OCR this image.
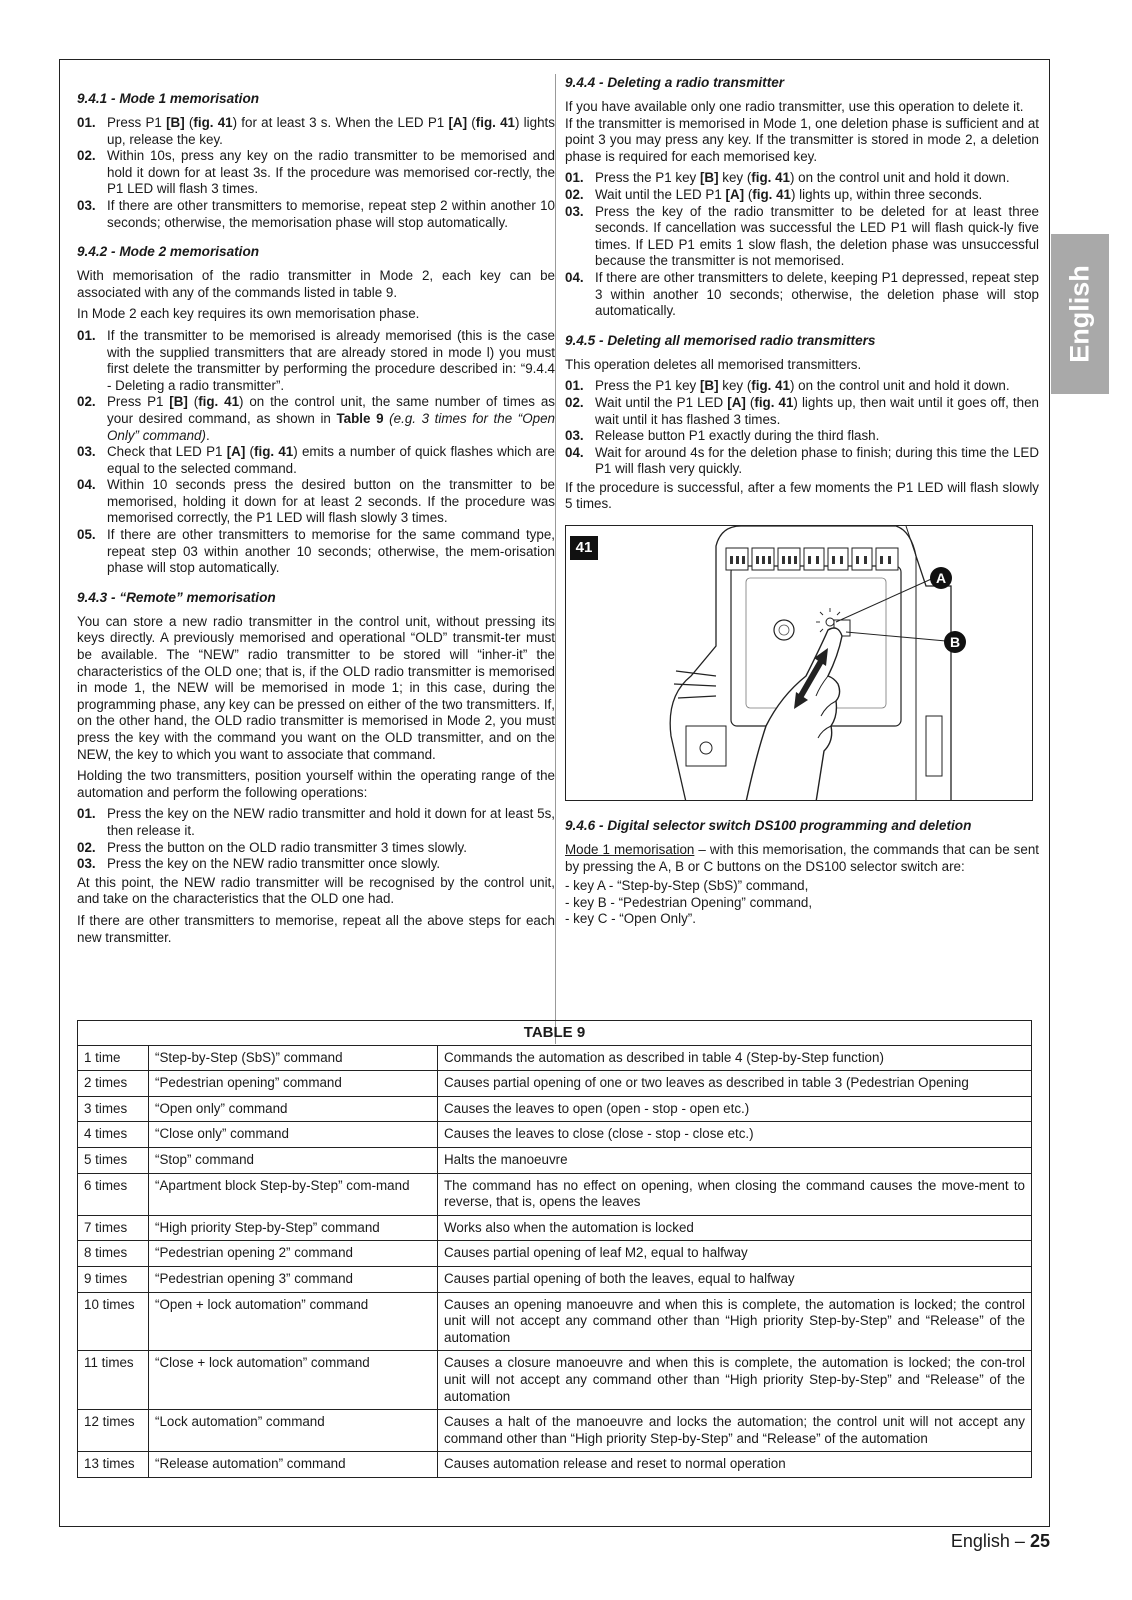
9.4.1 - Mode 1 memorisation
01. Press P1 [B] (fig. 41) for at least 3 s. When the LED P1 [A] (fig. 41) lights up, release the key.
02. Within 10s, press any key on the radio transmitter to be memorised and hold it down for at least 3s. If the procedure was memorised cor-rectly, the P1 LED will flash 3 times.
03. If there are other transmitters to memorise, repeat step 2 within another 10 seconds; otherwise, the memorisation phase will stop automatically.
9.4.2 - Mode 2 memorisation

With memorisation of the radio transmitter in Mode 2, each key can be associated with any of the commands listed in table 9.

In Mode 2 each key requires its own memorisation phase.

01. If the transmitter to be memorised is already memorised (this is the case with the supplied transmitters that are already stored in mode l) you must first delete the transmitter by performing the procedure described in: “9.4.4 - Deleting a radio transmitter”.
02. Press P1 [B] (fig. 41) on the control unit, the same number of times as your desired command, as shown in Table 9 (e.g. 3 times for the “Open Only” command).
03. Check that LED P1 [A] (fig. 41) emits a number of quick flashes which are equal to the selected command.
04. Within 10 seconds press the desired button on the transmitter to be memorised, holding it down for at least 2 seconds. If the procedure was memorised correctly, the P1 LED will flash slowly 3 times.
05. If there are other transmitters to memorise for the same command type, repeat step 03 within another 10 seconds; otherwise, the mem-orisation phase will stop automatically.
9.4.3 - “Remote” memorisation

You can store a new radio transmitter in the control unit, without pressing its keys directly. A previously memorised and operational “OLD” transmit-ter must be available. The “NEW” radio transmitter to be stored will “inher-it” the characteristics of the OLD one; that is, if the OLD radio transmitter is memorised in mode 1, the NEW will be memorised in mode 1; in this case, during the programming phase, any key can be pressed on either of the two transmitters. If, on the other hand, the OLD radio transmitter is memorised in Mode 2, you must press the key with the command you want on the OLD transmitter, and on the NEW, the key to which you want to associate that command.

Holding the two transmitters, position yourself within the operating range of the automation and perform the following operations:

01. Press the key on the NEW radio transmitter and hold it down for at least 5s, then release it.
02. Press the button on the OLD radio transmitter 3 times slowly.
03. Press the key on the NEW radio transmitter once slowly.

At this point, the NEW radio transmitter will be recognised by the control unit, and take on the characteristics that the OLD one had.

If there are other transmitters to memorise, repeat all the above steps for each new transmitter.

9.4.4 - Deleting a radio transmitter

If you have available only one radio transmitter, use this operation to delete it.

If the transmitter is memorised in Mode 1, one deletion phase is sufficient and at point 3 you may press any key. If the transmitter is stored in mode 2, a deletion phase is required for each memorised key.

01. Press the P1 key [B] key (fig. 41) on the control unit and hold it down.
02. Wait until the LED P1 [A] (fig. 41) lights up, within three seconds.
03. Press the key of the radio transmitter to be deleted for at least three seconds. If cancellation was successful the LED P1 will flash quick-ly five times. If LED P1 emits 1 slow flash, the deletion phase was unsuccessful because the transmitter is not memorised.
04. If there are other transmitters to delete, keeping P1 depressed, repeat step 3 within another 10 seconds; otherwise, the deletion phase will stop automatically.
9.4.5 - Deleting all memorised radio transmitters

This operation deletes all memorised transmitters.

01. Press the P1 key [B] key (fig. 41) on the control unit and hold it down.
02. Wait until the P1 LED [A] (fig. 41) lights up, then wait until it goes off, then wait until it has flashed 3 times.
03. Release button P1 exactly during the third flash.
04. Wait for around 4s for the deletion phase to finish; during this time the LED P1 will flash very quickly.

If the procedure is successful, after a few moments the P1 LED will flash slowly 5 times.

41
A
B
9.4.6 - Digital selector switch DS100 programming and deletion

Mode 1 memorisation – with this memorisation, the commands that can be sent by pressing the A, B or C buttons on the DS100 selector switch are:

- key A - “Step-by-Step (SbS)” command,
- key B - “Pedestrian Opening” command,
- key C - “Open Only”.
TABLE 9		
1 time	“Step-by-Step (SbS)” command	Commands the automation as described in table 4 (Step-by-Step function)
2 times	“Pedestrian opening” command	Causes partial opening of one or two leaves as described in table 3 (Pedestrian Opening
3 times	“Open only” command	Causes the leaves to open (open - stop - open etc.)
4 times	“Close only” command	Causes the leaves to close (close - stop - close etc.)
5 times	“Stop” command	Halts the manoeuvre
6 times	“Apartment block Step-by-Step” com-mand	The command has no effect on opening, when closing the command causes the move-ment to reverse, that is, opens the leaves
7 times	“High priority Step-by-Step” command	Works also when the automation is locked
8 times	“Pedestrian opening 2” command	Causes partial opening of leaf M2, equal to halfway
9 times	“Pedestrian opening 3” command	Causes partial opening of both the leaves, equal to halfway
10 times	“Open + lock automation” command	Causes an opening manoeuvre and when this is complete, the automation is locked; the control unit will not accept any command other than “High priority Step-by-Step” and “Release” of the automation
11 times	“Close + lock automation” command	Causes a closure manoeuvre and when this is complete, the automation is locked; the con-trol unit will not accept any command other than “High priority Step-by-Step” and “Release” of the automation
12 times	“Lock automation” command	Causes a halt of the manoeuvre and locks the automation; the control unit will not accept any command other than “High priority Step-by-Step” and “Release” of the automation
13 times	“Release automation” command	Causes automation release and reset to normal operation
English
English – 25
